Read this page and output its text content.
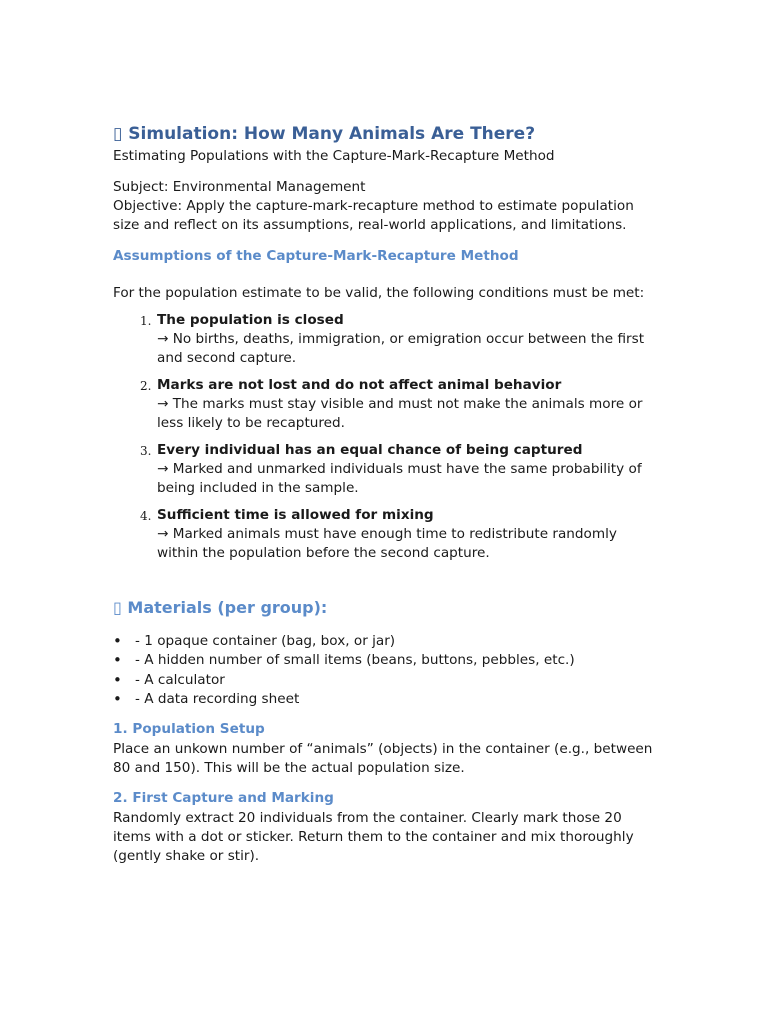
▯ Simulation: How Many Animals Are There?

Estimating Populations with the Capture-Mark-Recapture Method

Subject: Environmental Management

Objective: Apply the capture-mark-recapture method to estimate population size and reflect on its assumptions, real-world applications, and limitations.

Assumptions of the Capture-Mark-Recapture Method

For the population estimate to be valid, the following conditions must be met:

1. The population is closed
→ No births, deaths, immigration, or emigration occur between the first and second capture.
2. Marks are not lost and do not affect animal behavior
→ The marks must stay visible and must not make the animals more or less likely to be recaptured.
3. Every individual has an equal chance of being captured
→ Marked and unmarked individuals must have the same probability of being included in the sample.
4. Sufficient time is allowed for mixing
→ Marked animals must have enough time to redistribute randomly within the population before the second capture.
▯ Materials (per group):
• - 1 opaque container (bag, box, or jar)
• - A hidden number of small items (beans, buttons, pebbles, etc.)
• - A calculator
• - A data recording sheet
1. Population Setup

Place an unkown number of “animals” (objects) in the container (e.g., between 80 and 150). This will be the actual population size.

2. First Capture and Marking

Randomly extract 20 individuals from the container. Clearly mark those 20 items with a dot or sticker. Return them to the container and mix thoroughly (gently shake or stir).
